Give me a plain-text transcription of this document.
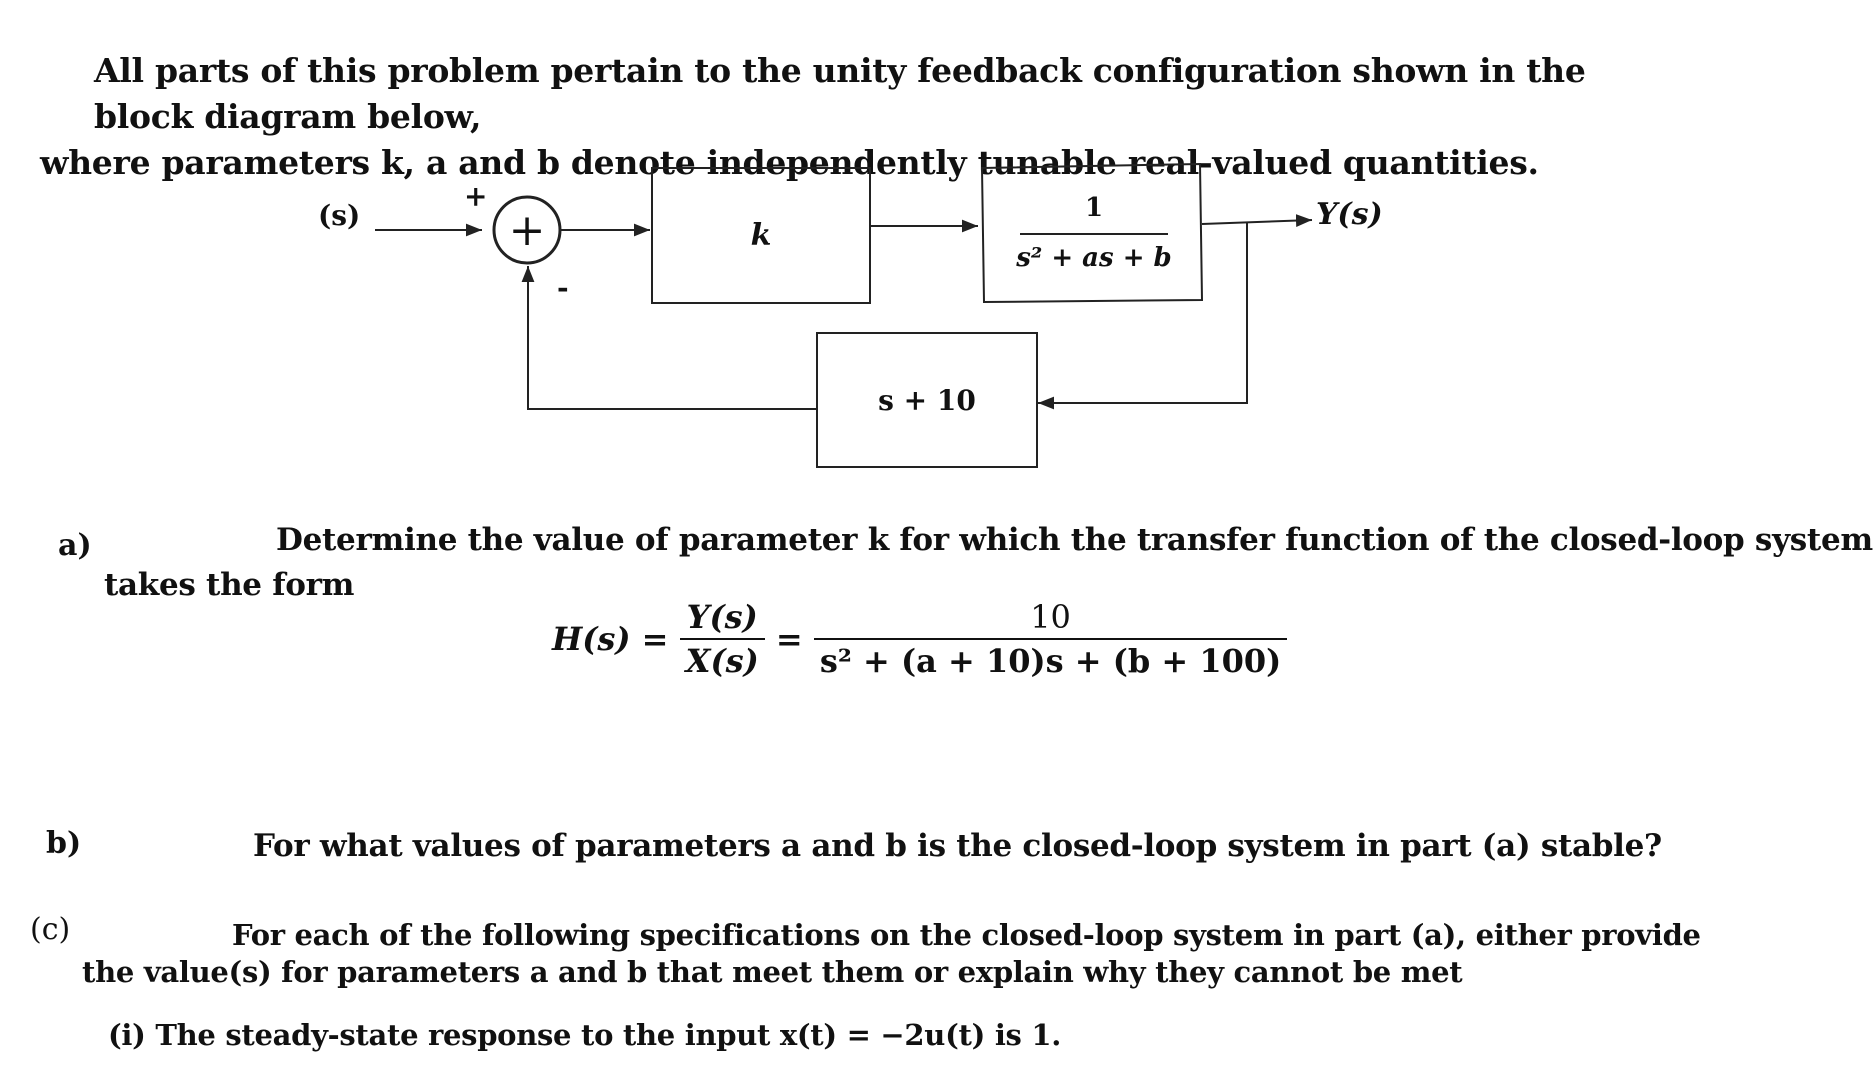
All parts of this problem pertain to the unity feedback configuration shown in the block diagram below,
where parameters k, a and b denote independently tunable real-valued quantities.
(s)
+
+
-
k
1
s² + as + b
Y(s)
s + 10
a)	Determine the value of parameter k for which the transfer function of the closed-loop system
takes the form
$H(s) = \frac{Y(s)}{X(s)} = \frac{10}{\text{s² + (a + 10)s + (b + 100)}}$
b)	For what values of parameters a and b is the closed-loop system in part (a) stable?
(c)	For each of the following specifications on the closed-loop system in part (a), either provide
the value(s) for parameters a and b that meet them or explain why they cannot be met
(i) The steady-state response to the input x(t) = −2u(t) is 1.
